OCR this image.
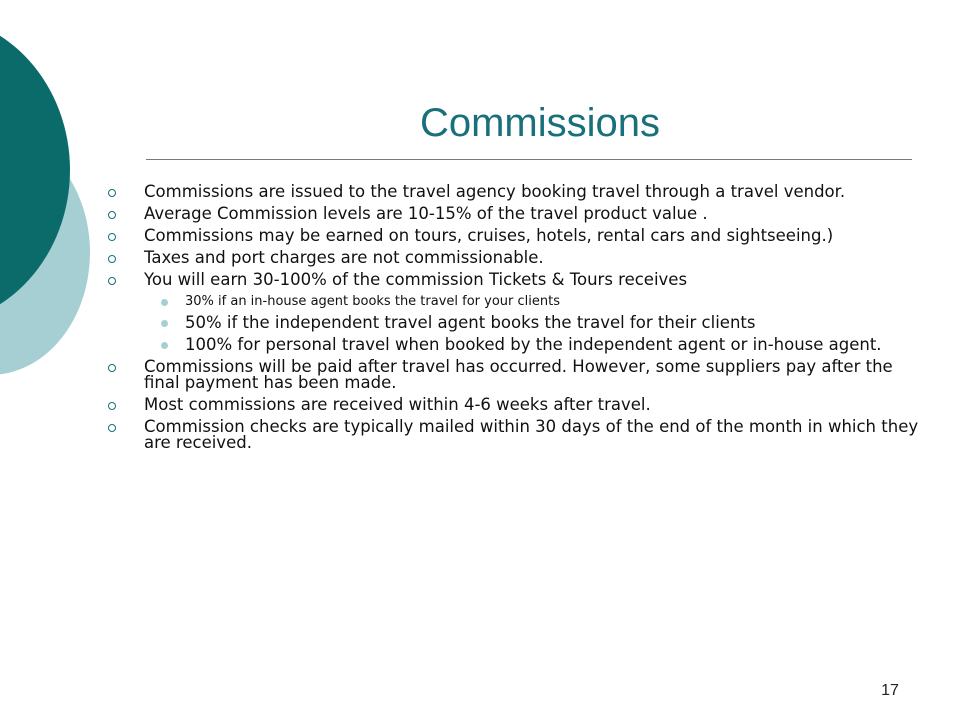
Commissions
Commissions are issued to the travel agency booking travel through a travel vendor.
Average Commission levels are 10-15% of the travel product value .
Commissions may be earned on tours, cruises, hotels, rental cars and sightseeing.)
Taxes and port charges are not commissionable.
You will earn 30-100% of the commission Tickets & Tours receives
30% if an in-house agent books the travel for your clients
50% if the independent travel agent books the travel for their clients
100% for personal travel when booked by the independent agent or in-house agent.
Commissions will be paid after travel has occurred. However, some suppliers pay after the final payment has been made.
Most commissions are received within 4-6 weeks after travel.
Commission checks are typically mailed within 30 days of the end of the month in which they are received.
17
